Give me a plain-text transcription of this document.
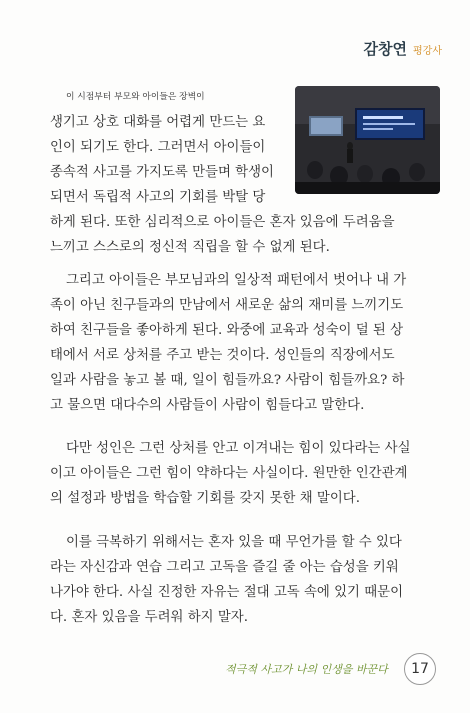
감창연 평강사
이 시점부터 부모와 아이들은 장벽이
생기고 상호 대화를 어렵게 만드는 요
인이 되기도 한다. 그러면서 아이들이
종속적 사고를 가지도록 만들며 학생이
되면서 독립적 사고의 기회를 박탈 당
하게 된다. 또한 심리적으로 아이들은 혼자 있음에 두려움을
느끼고 스스로의 정신적 직립을 할 수 없게 된다.
그리고 아이들은 부모님과의 일상적 패턴에서 벗어나 내 가
족이 아닌 친구들과의 만남에서 새로운 삶의 재미를 느끼기도
하여 친구들을 좋아하게 된다. 와중에 교육과 성숙이 덜 된 상
태에서 서로 상처를 주고 받는 것이다. 성인들의 직장에서도
일과 사람을 놓고 볼 때, 일이 힘들까요? 사람이 힘들까요? 하
고 물으면 대다수의 사람들이 사람이 힘들다고 말한다.
다만 성인은 그런 상처를 안고 이겨내는 힘이 있다라는 사실
이고 아이들은 그런 힘이 약하다는 사실이다. 원만한 인간관계
의 설정과 방법을 학습할 기회를 갖지 못한 채 말이다.
이를 극복하기 위해서는 혼자 있을 때 무언가를 할 수 있다
라는 자신감과 연습 그리고 고독을 즐길 줄 아는 습성을 키워
나가야 한다. 사실 진정한 자유는 절대 고독 속에 있기 때문이
다. 혼자 있음을 두려워 하지 말자.
적극적 사고가 나의 인생을 바꾼다	17
